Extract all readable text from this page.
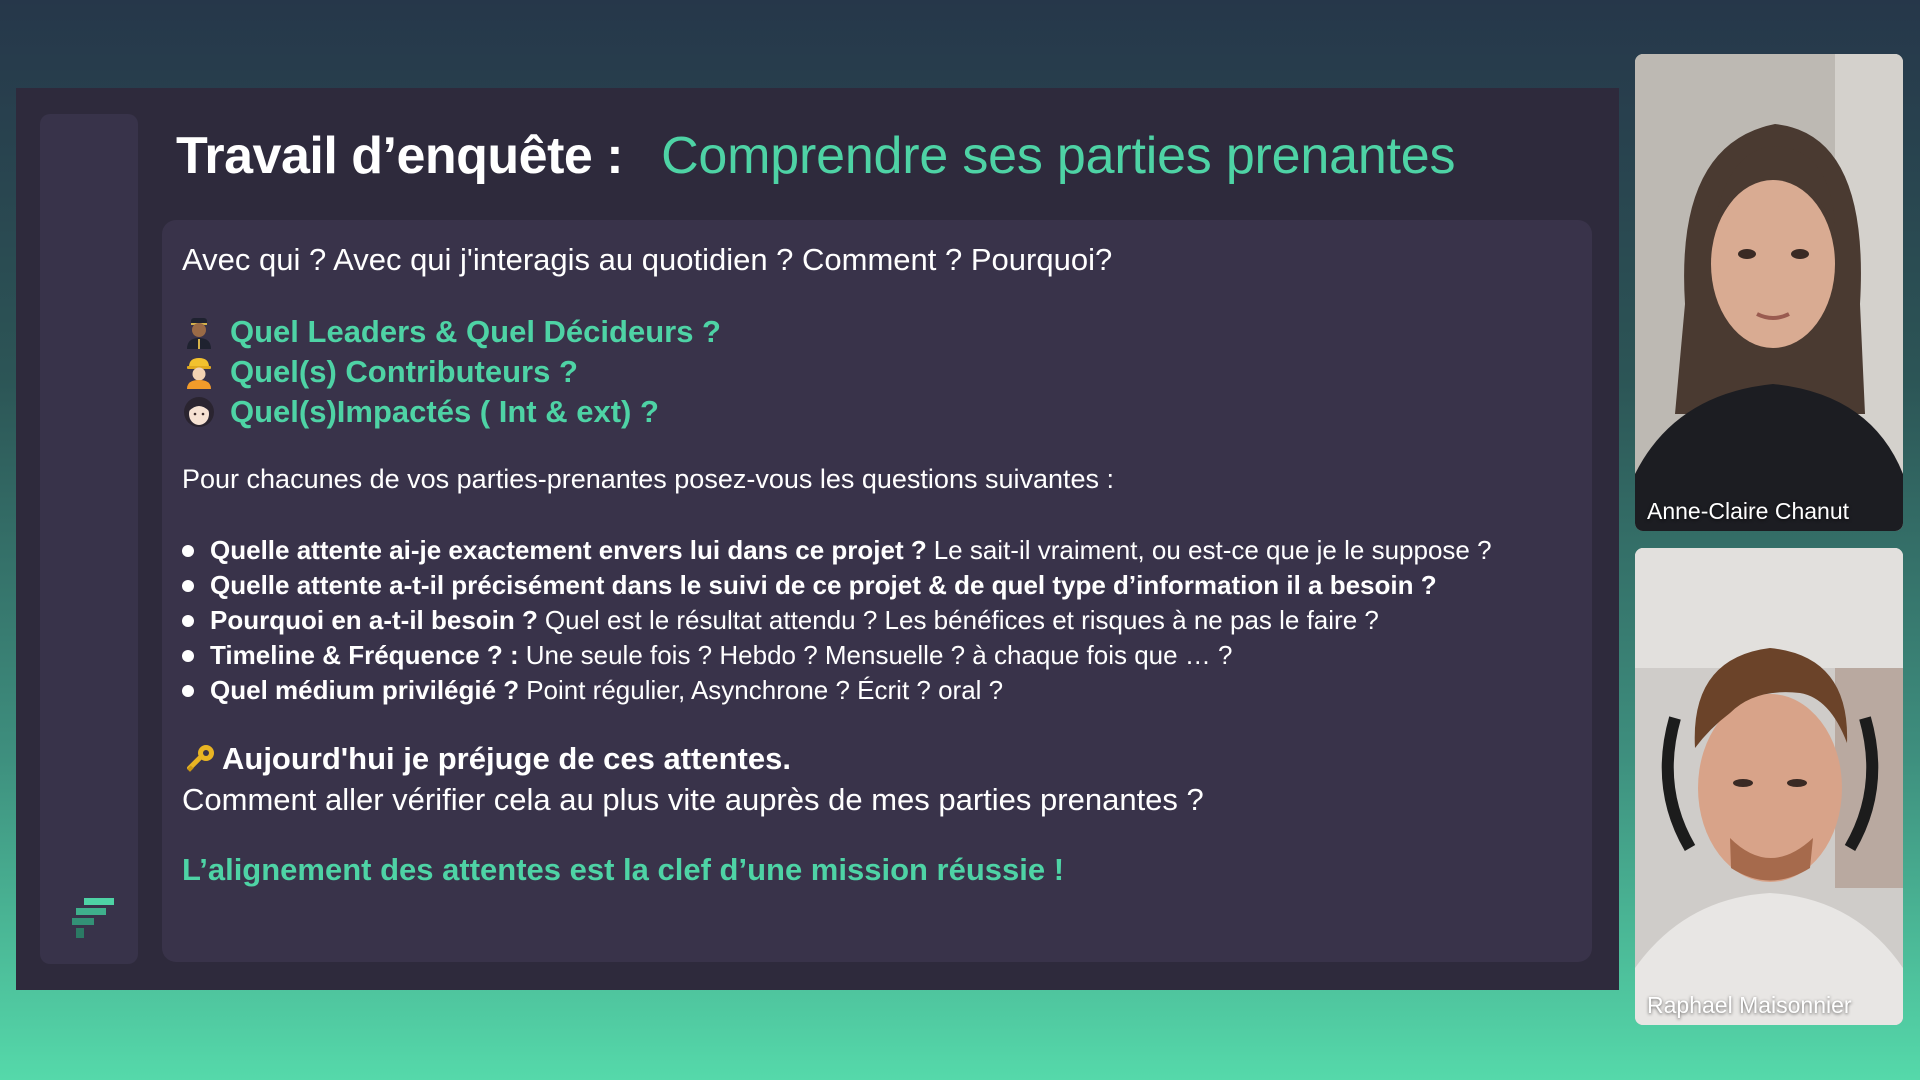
Travail d’enquête : Comprendre ses parties prenantes
Avec qui ? Avec qui j'interagis au quotidien ? Comment ? Pourquoi?
Quel Leaders & Quel Décideurs ?
Quel(s) Contributeurs ?
Quel(s)Impactés ( Int & ext) ?
Pour chacunes de vos parties-prenantes posez-vous les questions suivantes :
Quelle attente ai-je exactement envers lui dans ce projet ? Le sait-il vraiment, ou est-ce que je le suppose ?
Quelle attente a-t-il précisément dans le suivi de ce projet & de quel type d’information il a besoin ?
Pourquoi en a-t-il besoin ? Quel est le résultat attendu ? Les bénéfices et risques à ne pas le faire ?
Timeline & Fréquence ? : Une seule fois ? Hebdo ? Mensuelle ? à chaque fois que … ?
Quel médium privilégié ? Point régulier, Asynchrone ? Écrit ? oral ?
Aujourd'hui je préjuge de ces attentes.
Comment aller vérifier cela au plus vite auprès de mes parties prenantes ?
L’alignement des attentes est la clef d’une mission réussie !
Anne-Claire Chanut
Raphael Maisonnier
